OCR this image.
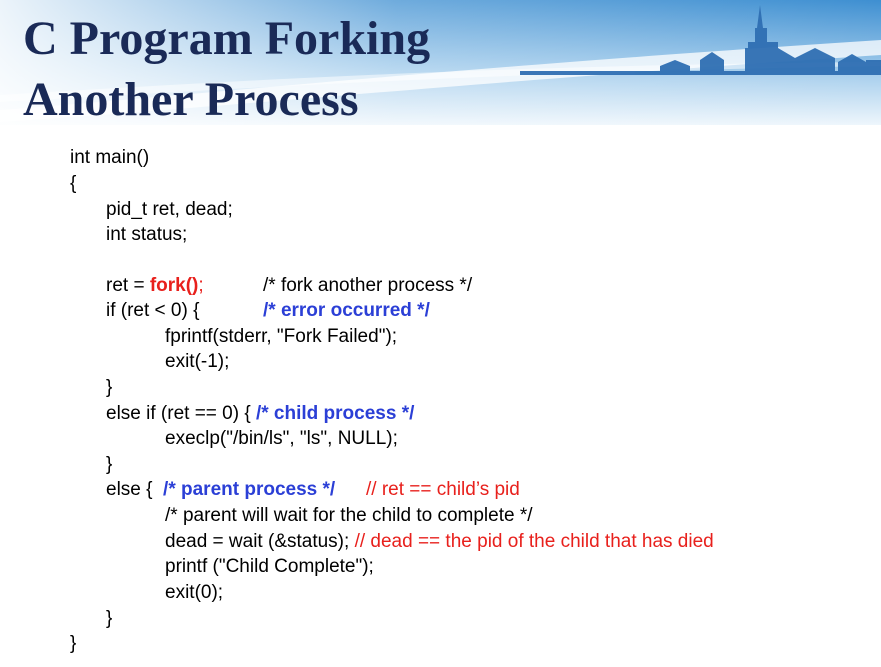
C Program Forking
Another Process
int main()
{
pid_t ret, dead;
int status;
ret = fork();	/* fork another process */
if (ret < 0) {	/* error occurred */
fprintf(stderr, "Fork Failed");
exit(-1);
}
else if (ret == 0) { /* child process */
execlp("/bin/ls", "ls", NULL);
}
else {  /* parent process */ // ret == child’s pid
/* parent will wait for the child to complete */
dead = wait (&status); // dead == the pid of the child that has died
printf ("Child Complete");
exit(0);
}
}
